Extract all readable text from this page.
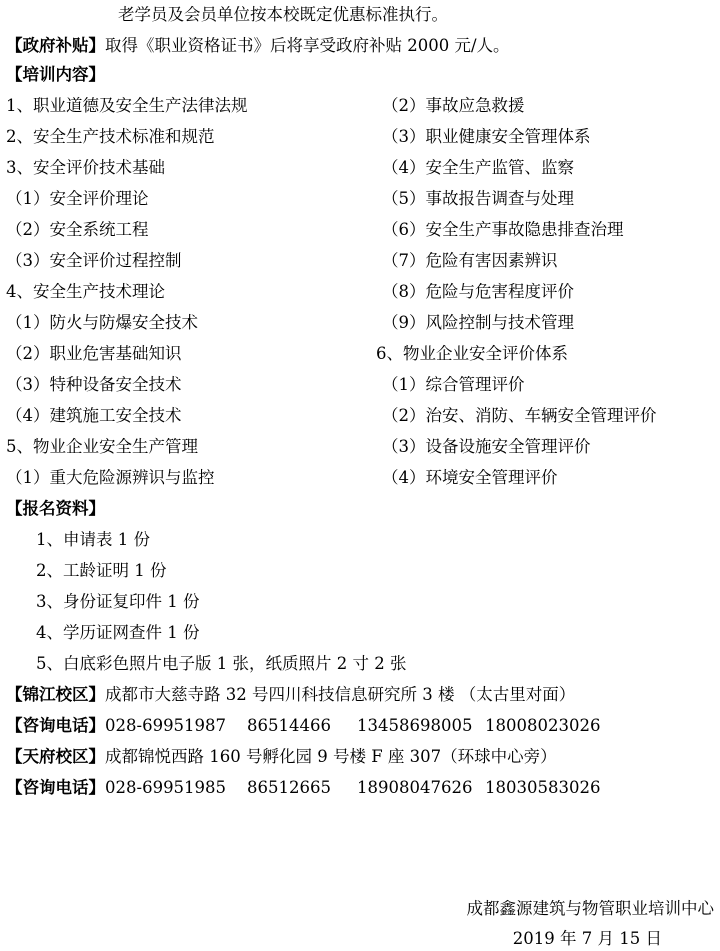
老学员及会员单位按本校既定优惠标准执行。
【政府补贴】取得《职业资格证书》后将享受政府补贴 2000 元/人。
【培训内容】
1、职业道德及安全生产法律法规
2、安全生产技术标准和规范
3、安全评价技术基础
（1）安全评价理论
（2）安全系统工程
（3）安全评价过程控制
4、安全生产技术理论
（1）防火与防爆安全技术
（2）职业危害基础知识
（3）特种设备安全技术
（4）建筑施工安全技术
5、物业企业安全生产管理
（1）重大危险源辨识与监控
（2）事故应急救援
（3）职业健康安全管理体系
（4）安全生产监管、监察
（5）事故报告调查与处理
（6）安全生产事故隐患排查治理
（7）危险有害因素辨识
（8）危险与危害程度评价
（9）风险控制与技术管理
6、物业企业安全评价体系
（1）综合管理评价
（2）治安、消防、车辆安全管理评价
（3）设备设施安全管理评价
（4）环境安全管理评价
【报名资料】
1、申请表 1 份
2、工龄证明 1 份
3、身份证复印件 1 份
4、学历证网查件 1 份
5、白底彩色照片电子版 1 张，纸质照片 2 寸 2 张
【锦江校区】成都市大慈寺路 32 号四川科技信息研究所 3 楼 （太古里对面）
【咨询电话】028-69951987 86514466 13458698005 18008023026
【天府校区】成都锦悦西路 160 号孵化园 9 号楼 F 座 307（环球中心旁）
【咨询电话】028-69951985 86512665 18908047626 18030583026
成都鑫源建筑与物管职业培训中心
2019 年 7 月 15 日
